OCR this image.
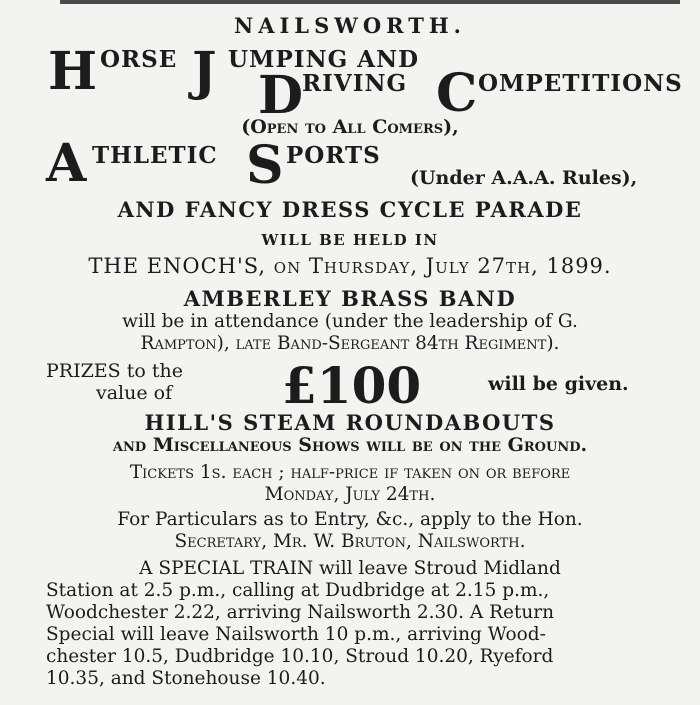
NAILSWORTH.
H ORSE J UMPING AND
D
RIVING C OMPETITIONS
(Open to All Comers),
A THLETIC S PORTS
(Under A.A.A. Rules),
AND FANCY DRESS CYCLE PARADE
WILL BE HELD IN
THE ENOCH'S, on Thursday, July 27th, 1899.
AMBERLEY BRASS BAND
will be in attendance (under the leadership of G.
Rampton), late Band-Sergeant 84th Regiment).
PRIZES to the
value of £100	will be given.
HILL'S STEAM ROUNDABOUTS
and Miscellaneous Shows will be on the Ground.
Tickets 1s. each ; half-price if taken on or before
Monday, July 24th.
For Particulars as to Entry, &c., apply to the Hon.
Secretary, Mr. W. Bruton, Nailsworth.
A SPECIAL TRAIN will leave Stroud Midland
Station at 2.5 p.m., calling at Dudbridge at 2.15 p.m.,
Woodchester 2.22, arriving Nailsworth 2.30. A Return
Special will leave Nailsworth 10 p.m., arriving Wood-
chester 10.5, Dudbridge 10.10, Stroud 10.20, Ryeford
10.35, and Stonehouse 10.40.
